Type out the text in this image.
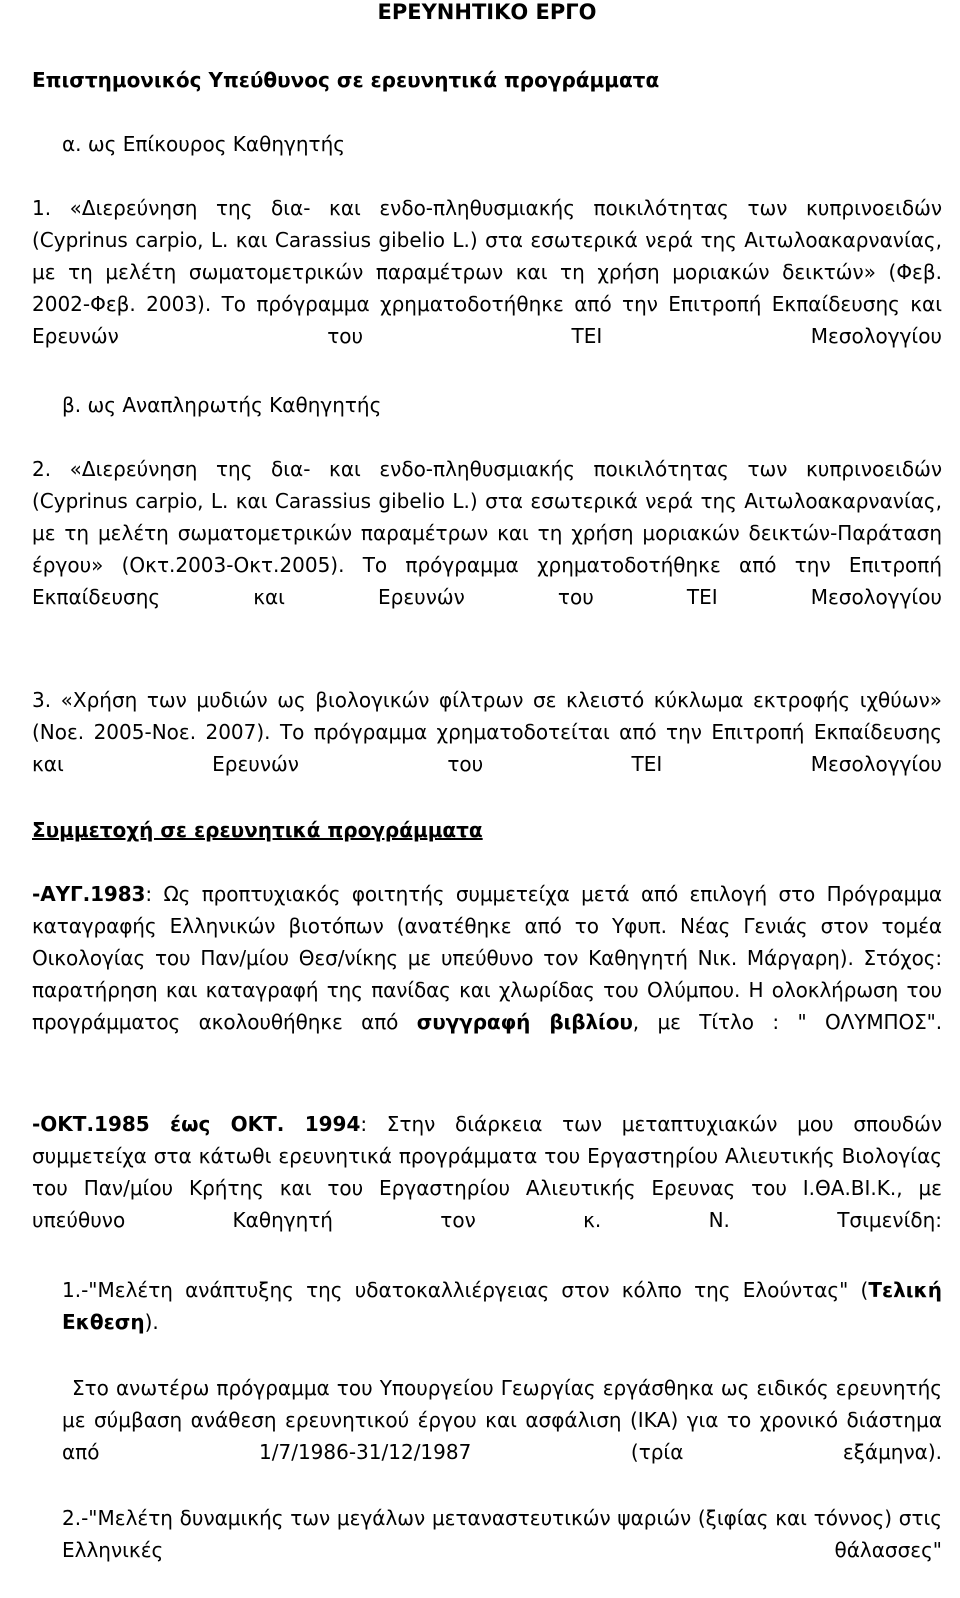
ΕΡΕΥΝΗΤΙΚΟ ΕΡΓΟ

Επιστημονικός Υπεύθυνος σε ερευνητικά προγράμματα

α. ως Επίκουρος Καθηγητής

1. «Διερεύνηση της δια- και ενδο-πληθυσμιακής ποικιλότητας των κυπρινοειδών (Cyprinus carpio, L. και Carassius gibelio L.) στα εσωτερικά νερά της Αιτωλοακαρνανίας, με τη μελέτη σωματομετρικών παραμέτρων και τη χρήση μοριακών δεικτών» (Φεβ. 2002-Φεβ. 2003). Το πρόγραμμα χρηματοδοτήθηκε από την Επιτροπή Εκπαίδευσης και Ερευνών του ΤΕΙ Μεσολογγίου

β. ως Αναπληρωτής Καθηγητής

2. «Διερεύνηση της δια- και ενδο-πληθυσμιακής ποικιλότητας των κυπρινοειδών (Cyprinus carpio, L. και Carassius gibelio L.) στα εσωτερικά νερά της Αιτωλοακαρνανίας, με τη μελέτη σωματομετρικών παραμέτρων και τη χρήση μοριακών δεικτών-Παράταση έργου» (Οκτ.2003-Οκτ.2005). Το πρόγραμμα χρηματοδοτήθηκε από την Επιτροπή Εκπαίδευσης και Ερευνών του ΤΕΙ Μεσολογγίου

3. «Χρήση των μυδιών ως βιολογικών φίλτρων σε κλειστό κύκλωμα εκτροφής ιχθύων» (Νοε. 2005-Νοε. 2007). Το πρόγραμμα χρηματοδοτείται από την Επιτροπή Εκπαίδευσης και Ερευνών του ΤΕΙ Μεσολογγίου

Συμμετοχή σε ερευνητικά προγράμματα

-ΑΥΓ.1983: Ως προπτυχιακός φοιτητής συμμετείχα μετά από επιλογή στο Πρόγραμμα καταγραφής Ελληνικών βιοτόπων (ανατέθηκε από το Υφυπ. Νέας Γενιάς στον τομέα Οικολογίας του Παν/μίου Θεσ/νίκης με υπεύθυνο τον Καθηγητή Νικ. Μάργαρη). Στόχος: παρατήρηση και καταγραφή της πανίδας και χλωρίδας του Ολύμπου. Η ολοκλήρωση του προγράμματος ακολουθήθηκε από συγγραφή βιβλίου, με Τίτλο : " ΟΛΥΜΠΟΣ".

-ΟΚΤ.1985 έως ΟΚΤ. 1994: Στην διάρκεια των μεταπτυχιακών μου σπουδών συμμετείχα στα κάτωθι ερευνητικά προγράμματα του Εργαστηρίου Αλιευτικής Βιολογίας του Παν/μίου Κρήτης και του Εργαστηρίου Αλιευτικής Ερευνας του Ι.ΘΑ.ΒΙ.Κ., με υπεύθυνο Καθηγητή τον κ. Ν. Τσιμενίδη:

1.-"Μελέτη ανάπτυξης της υδατοκαλλιέργειας στον κόλπο της Ελούντας" (Τελική Εκθεση).

Στο ανωτέρω πρόγραμμα του Υπουργείου Γεωργίας εργάσθηκα ως ειδικός ερευνητής με σύμβαση ανάθεση ερευνητικού έργου και ασφάλιση (ΙΚΑ) για το χρονικό διάστημα από 1/7/1986-31/12/1987 (τρία εξάμηνα).

2.-"Μελέτη δυναμικής των μεγάλων μεταναστευτικών ψαριών (ξιφίας και τόννος) στις Ελληνικές θάλασσες"
